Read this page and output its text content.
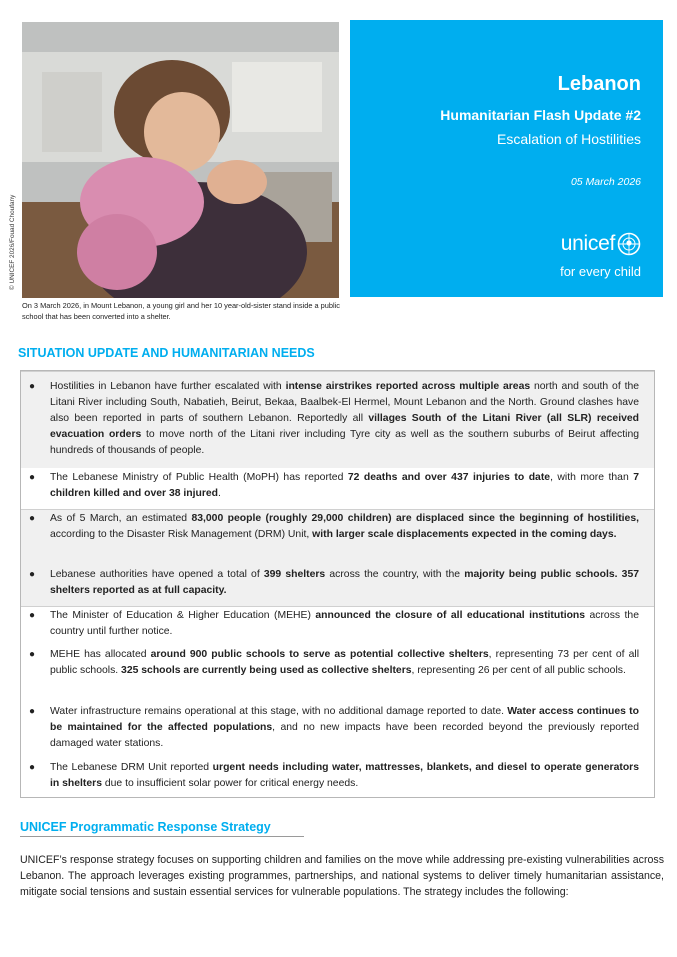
© UNICEF 2026/Fouad Choufany
On 3 March 2026, in Mount Lebanon, a young girl and her 10 year-old-sister stand inside a public school that has been converted into a shelter.
Lebanon
Humanitarian Flash Update #2
Escalation of Hostilities
05 March 2026
unicef
for every child
SITUATION UPDATE AND HUMANITARIAN NEEDS
● Hostilities in Lebanon have further escalated with intense airstrikes reported across multiple areas north and south of the Litani River including South, Nabatieh, Beirut, Bekaa, Baalbek-El Hermel, Mount Lebanon and the North. Ground clashes have also been reported in parts of southern Lebanon. Reportedly all villages South of the Litani River (all SLR) received evacuation orders to move north of the Litani river including Tyre city as well as the southern suburbs of Beirut affecting hundreds of thousands of people.
● The Lebanese Ministry of Public Health (MoPH) has reported 72 deaths and over 437 injuries to date, with more than 7 children killed and over 38 injured.
● As of 5 March, an estimated 83,000 people (roughly 29,000 children) are displaced since the beginning of hostilities, according to the Disaster Risk Management (DRM) Unit, with larger scale displacements expected in the coming days.
● Lebanese authorities have opened a total of 399 shelters across the country, with the majority being public schools. 357 shelters reported as at full capacity.
● The Minister of Education & Higher Education (MEHE) announced the closure of all educational institutions across the country until further notice.
● MEHE has allocated around 900 public schools to serve as potential collective shelters, representing 73 per cent of all public schools. 325 schools are currently being used as collective shelters, representing 26 per cent of all public schools.
● Water infrastructure remains operational at this stage, with no additional damage reported to date. Water access continues to be maintained for the affected populations, and no new impacts have been recorded beyond the previously reported damaged water stations.
● The Lebanese DRM Unit reported urgent needs including water, mattresses, blankets, and diesel to operate generators in shelters due to insufficient solar power for critical energy needs.
UNICEF Programmatic Response Strategy

UNICEF’s response strategy focuses on supporting children and families on the move while addressing pre-existing vulnerabilities across Lebanon. The approach leverages existing programmes, partnerships, and national systems to deliver timely humanitarian assistance, mitigate social tensions and sustain essential services for vulnerable populations. The strategy includes the following:
